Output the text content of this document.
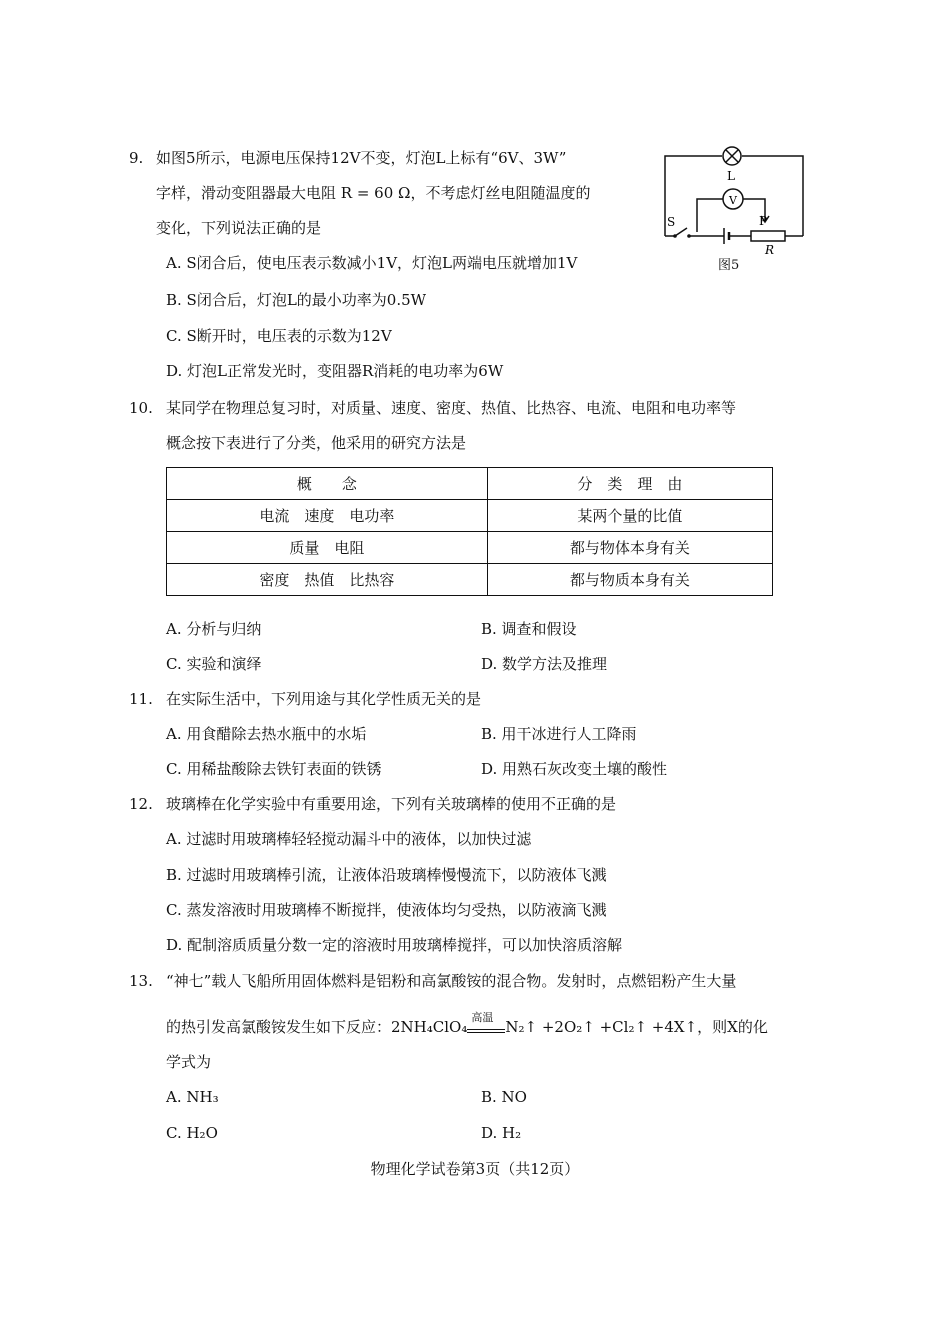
9. 如图5所示，电源电压保持12V不变，灯泡L上标有“6V、3W”
字样，滑动变阻器最大电阻 R = 60 Ω，不考虑灯丝电阻随温度的
变化，下列说法正确的是
A. S闭合后，使电压表示数减小1V，灯泡L两端电压就增加1V
B. S闭合后，灯泡L的最小功率为0.5W
C. S断开时，电压表的示数为12V
D. 灯泡L正常发光时，变阻器R消耗的电功率为6W
L
V
S	P
R
图5
10. 某同学在物理总复习时，对质量、速度、密度、热值、比热容、电流、电阻和电功率等
概念按下表进行了分类，他采用的研究方法是
概　　念	分　类　理　由
电流　速度　电功率	某两个量的比值
质量　电阻	都与物体本身有关
密度　热值　比热容	都与物质本身有关
A. 分析与归纳	B. 调查和假设
C. 实验和演绎	D. 数学方法及推理
11. 在实际生活中，下列用途与其化学性质无关的是
A. 用食醋除去热水瓶中的水垢	B. 用干冰进行人工降雨
C. 用稀盐酸除去铁钉表面的铁锈	D. 用熟石灰改变土壤的酸性
12. 玻璃棒在化学实验中有重要用途，下列有关玻璃棒的使用不正确的是
A. 过滤时用玻璃棒轻轻搅动漏斗中的液体，以加快过滤
B. 过滤时用玻璃棒引流，让液体沿玻璃棒慢慢流下，以防液体飞溅
C. 蒸发溶液时用玻璃棒不断搅拌，使液体均匀受热，以防液滴飞溅
D. 配制溶质质量分数一定的溶液时用玻璃棒搅拌，可以加快溶质溶解
13. “神七”载人飞船所用固体燃料是铝粉和高氯酸铵的混合物。发射时，点燃铝粉产生大量
的热引发高氯酸铵发生如下反应：2NH₄ClO₄
高温
N₂↑ +2O₂↑ +Cl₂↑ +4X↑，则X的化
学式为
A. NH₃	B. NO
C. H₂O	D. H₂
物理化学试卷第3页（共12页）
